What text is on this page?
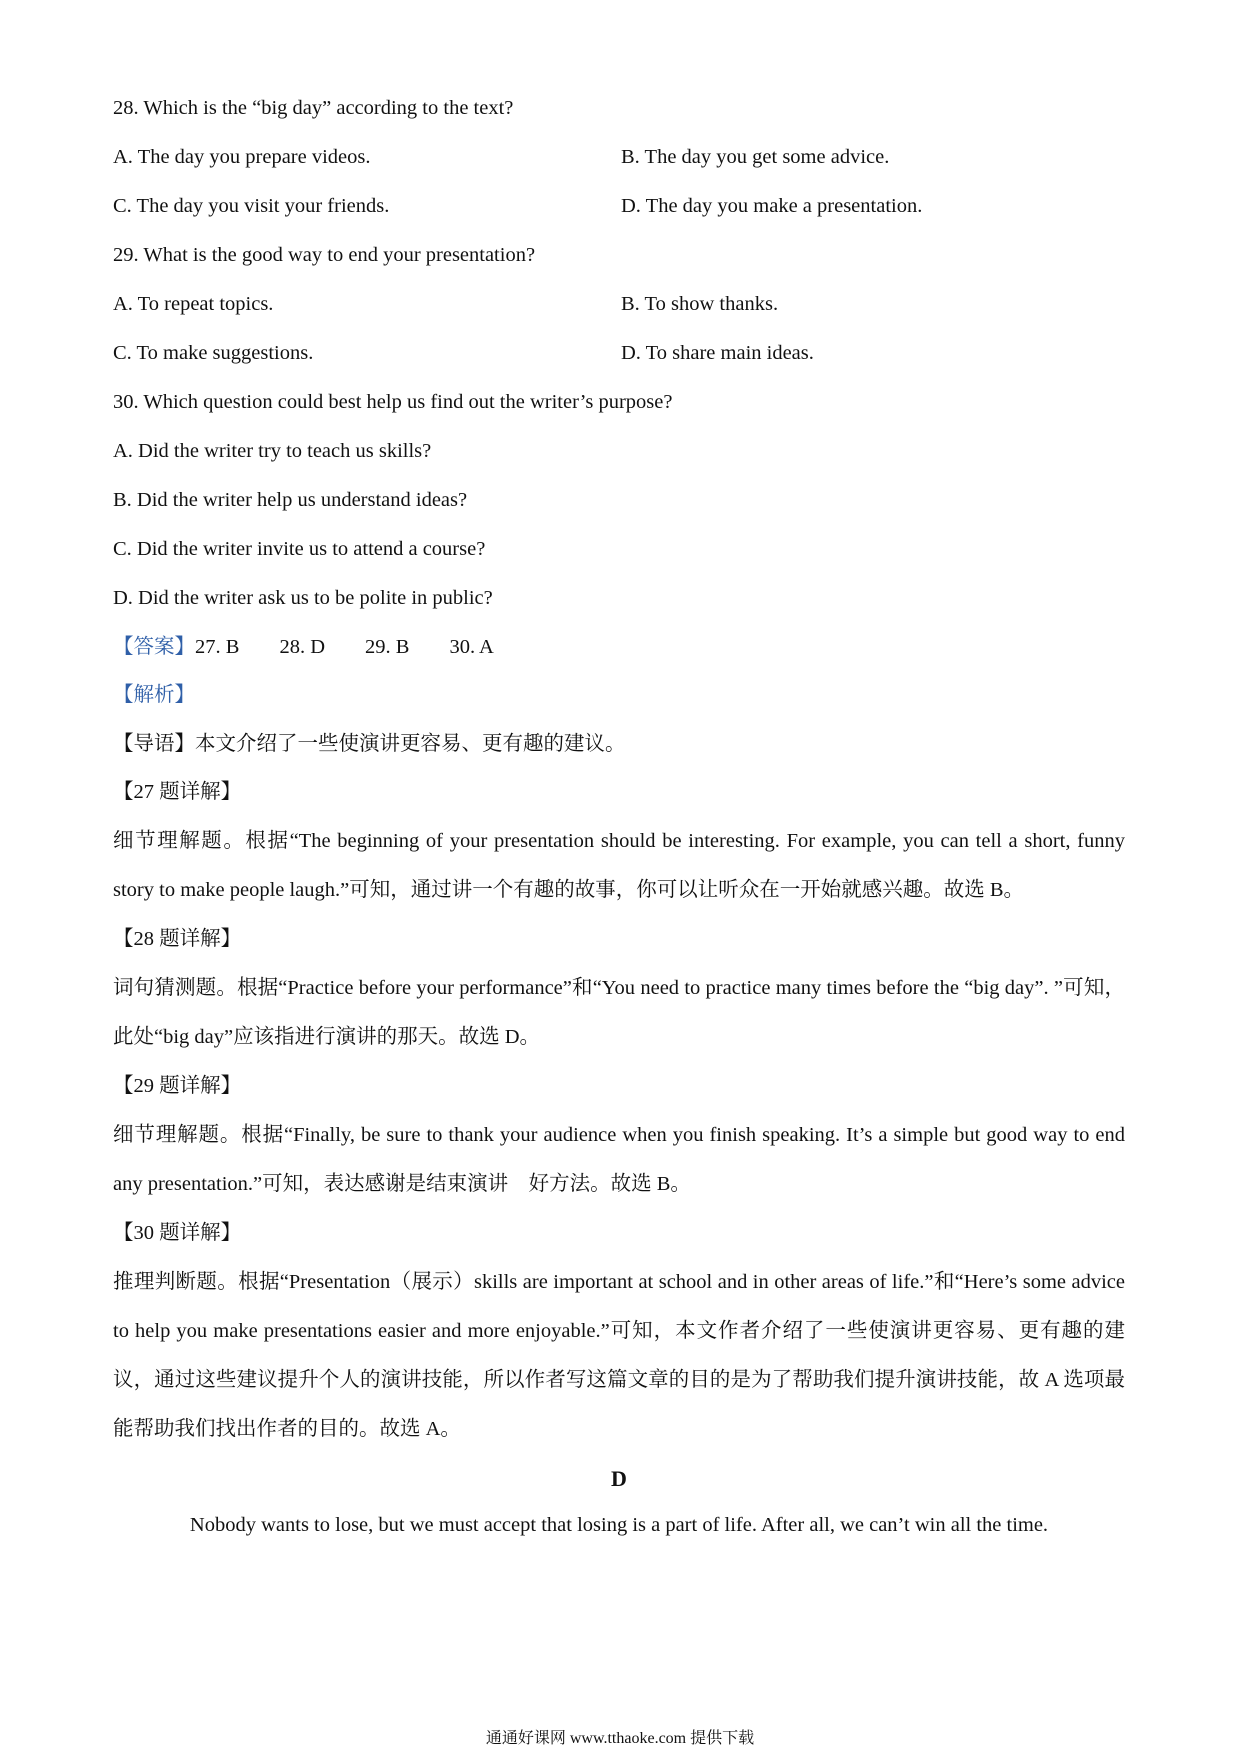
28. Which is the “big day” according to the text?

A. The day you prepare videos.	B. The day you get some advice.
C. The day you visit your friends.	D. The day you make a presentation.

29. What is the good way to end your presentation?

A. To repeat topics.	B. To show thanks.
C. To make suggestions.	D. To share main ideas.

30. Which question could best help us find out the writer’s purpose?

A. Did the writer try to teach us skills?

B. Did the writer help us understand ideas?

C. Did the writer invite us to attend a course?

D. Did the writer ask us to be polite in public?

【答案】27. B 28. D 29. B 30. A

【解析】

【导语】本文介绍了一些使演讲更容易、更有趣的建议。

【27 题详解】

细节理解题。根据“The beginning of your presentation should be interesting. For example, you can tell a short, funny story to make people laugh.”可知，通过讲一个有趣的故事，你可以让听众在一开始就感兴趣。故选 B。

【28 题详解】

词句猜测题。根据“Practice before your performance”和“You need to practice many times before the “big day”. ”可知，此处“big day”应该指进行演讲的那天。故选 D。

【29 题详解】

细节理解题。根据“Finally, be sure to thank your audience when you finish speaking. It’s a simple but good way to end any presentation.”可知，表达感谢是结束演讲　好方法。故选 B。

【30 题详解】

推理判断题。根据“Presentation（展示）skills are important at school and in other areas of life.”和“Here’s some advice to help you make presentations easier and more enjoyable.”可知，本文作者介绍了一些使演讲更容易、更有趣的建议，通过这些建议提升个人的演讲技能，所以作者写这篇文章的目的是为了帮助我们提升演讲技能，故 A 选项最能帮助我们找出作者的目的。故选 A。

D

Nobody wants to lose, but we must accept that losing is a part of life. After all, we can’t win all the time.

通通好课网 www.tthaoke.com 提供下载
